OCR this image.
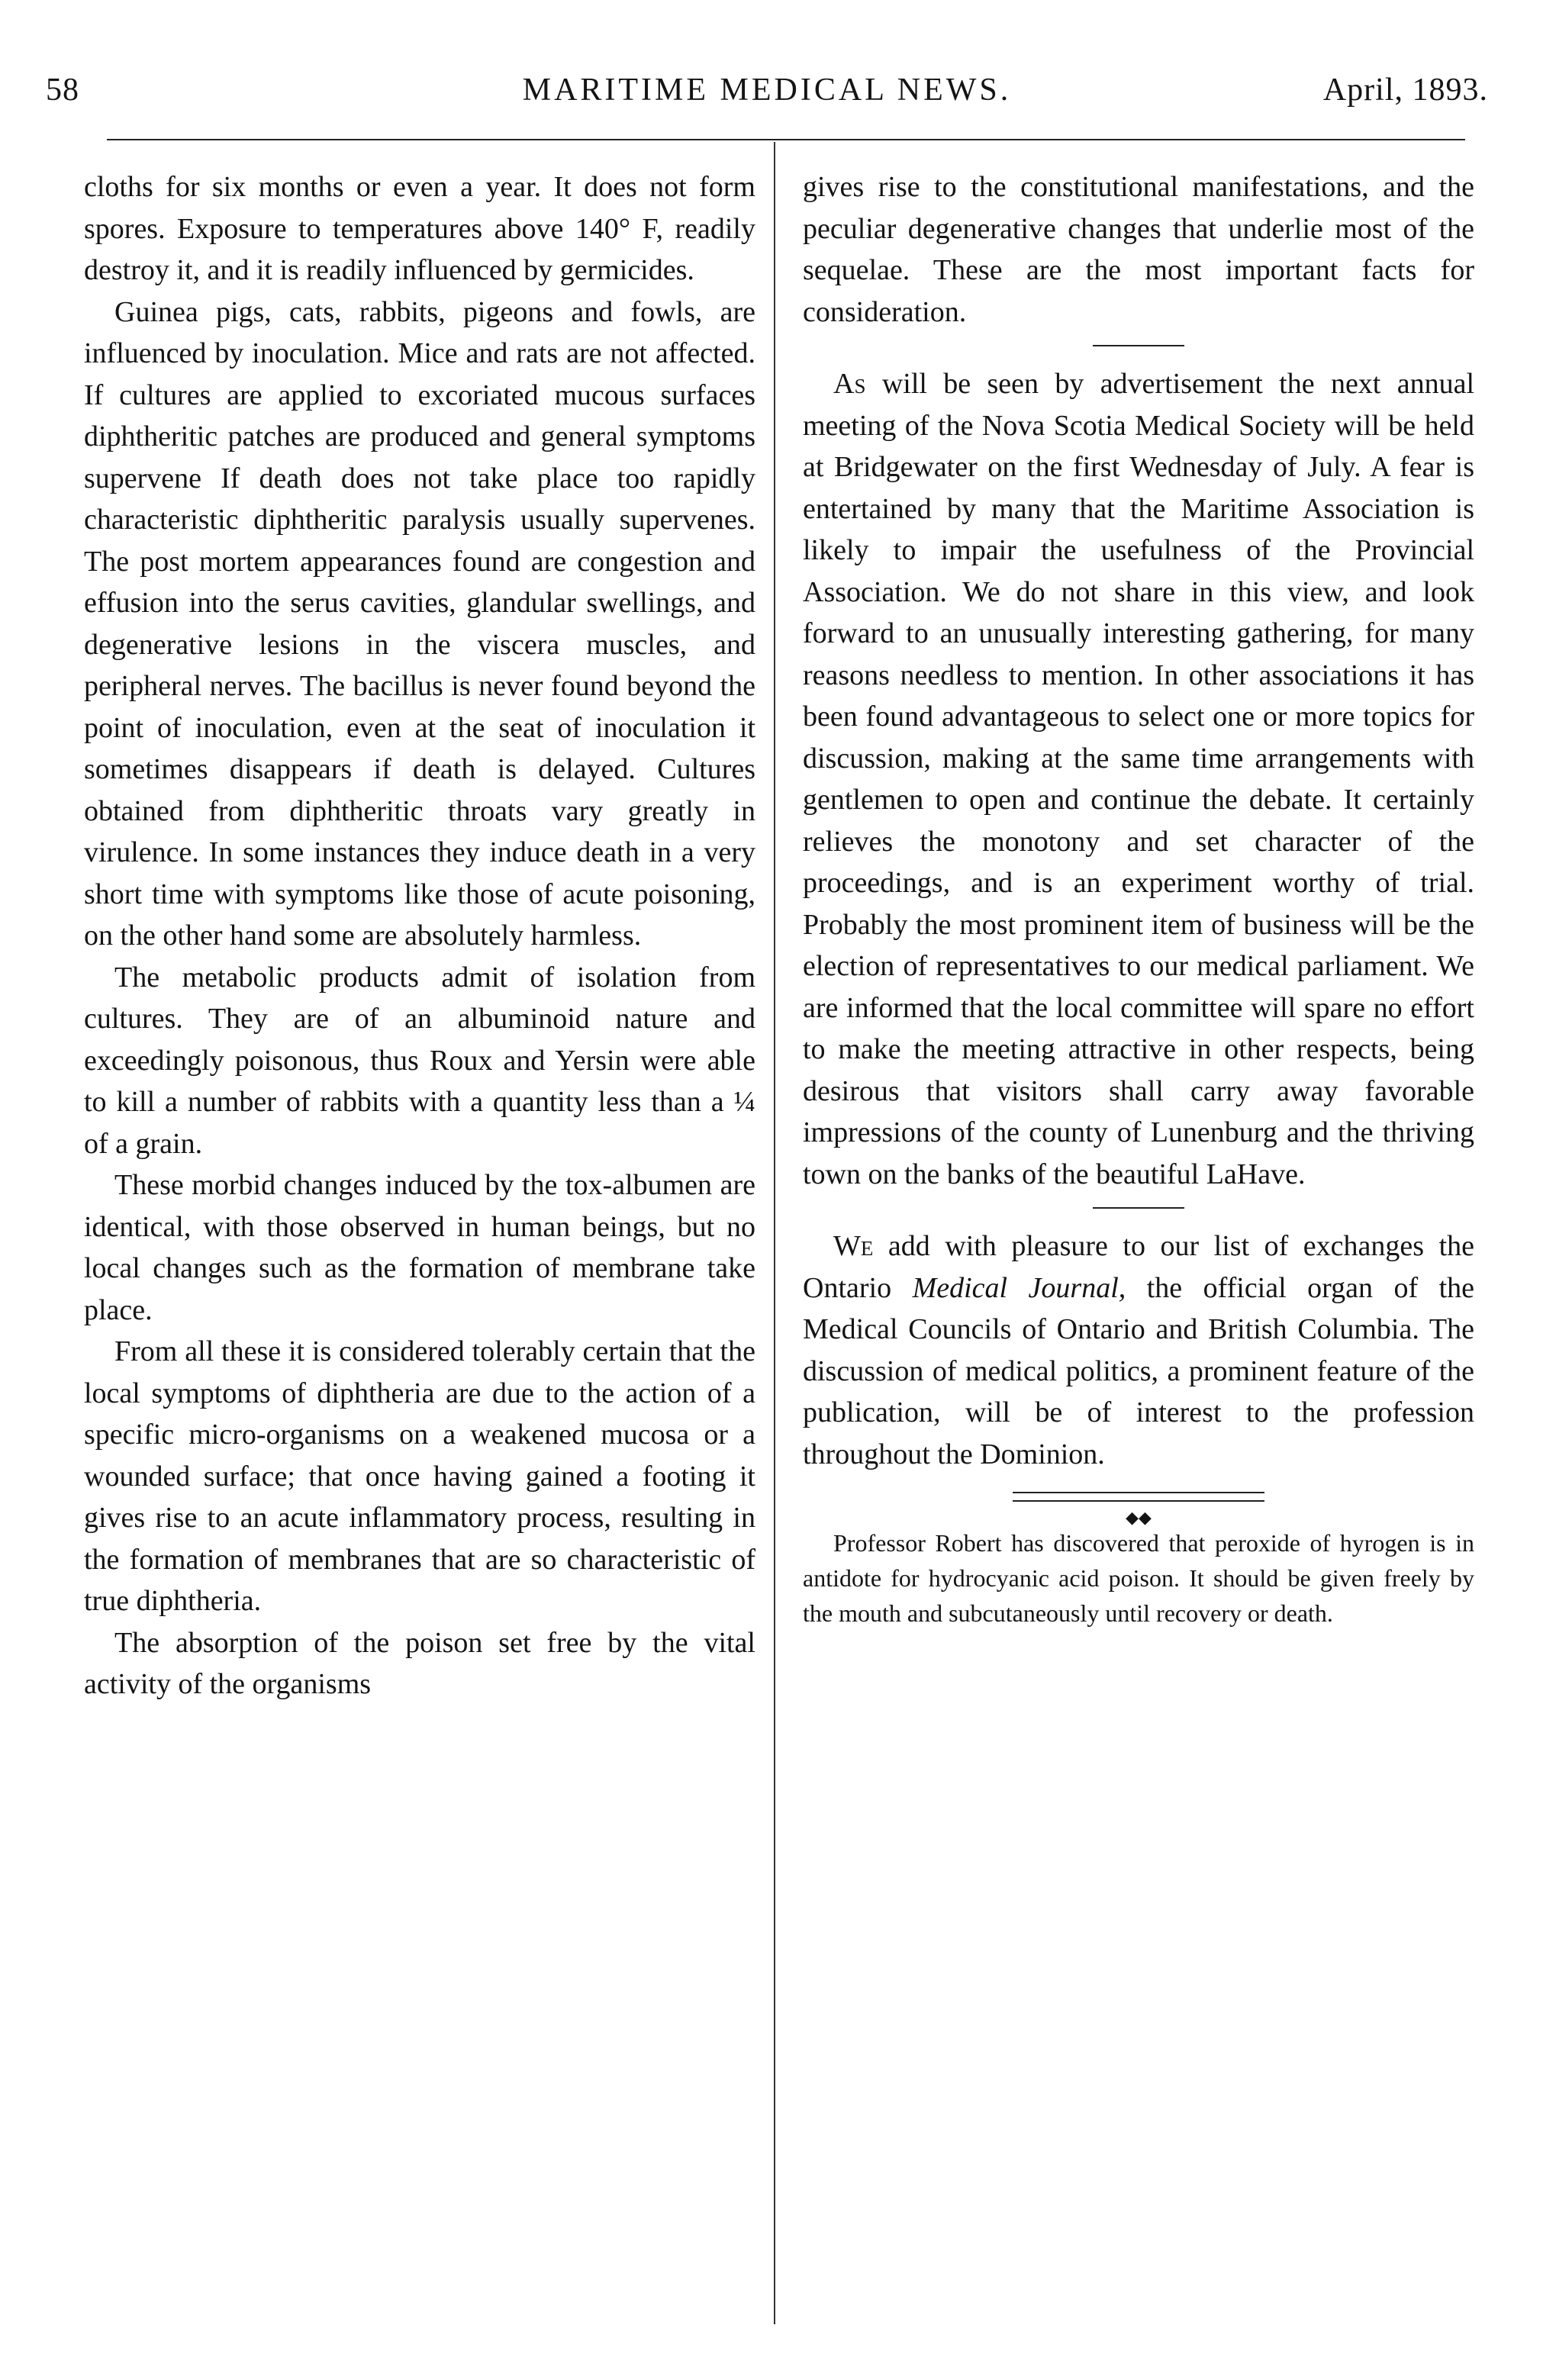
58	MARITIME MEDICAL NEWS.	April, 1893.

cloths for six months or even a year. It does not form spores. Exposure to temperatures above 140° F, readily destroy it, and it is readily influenced by germicides.

Guinea pigs, cats, rabbits, pigeons and fowls, are influenced by inoculation. Mice and rats are not affected. If cultures are applied to excoriated mucous surfaces diphtheritic patches are produced and general symptoms supervene If death does not take place too rapidly characteristic diphtheritic paralysis usually supervenes. The post mortem appearances found are congestion and effusion into the serus cavities, glandular swellings, and degenerative lesions in the viscera muscles, and peripheral nerves. The bacillus is never found beyond the point of inoculation, even at the seat of inoculation it sometimes disappears if death is delayed. Cultures obtained from diphtheritic throats vary greatly in virulence. In some instances they induce death in a very short time with symptoms like those of acute poisoning, on the other hand some are absolutely harmless.

The metabolic products admit of isolation from cultures. They are of an albuminoid nature and exceedingly poisonous, thus Roux and Yersin were able to kill a number of rabbits with a quantity less than a ¼ of a grain.

These morbid changes induced by the tox-albumen are identical, with those observed in human beings, but no local changes such as the formation of membrane take place.

From all these it is considered tolerably certain that the local symptoms of diphtheria are due to the action of a specific micro-organisms on a weakened mucosa or a wounded surface; that once having gained a footing it gives rise to an acute inflammatory process, resulting in the formation of membranes that are so characteristic of true diphtheria.

The absorption of the poison set free by the vital activity of the organisms

gives rise to the constitutional manifestations, and the peculiar degenerative changes that underlie most of the sequelae. These are the most important facts for consideration.

As will be seen by advertisement the next annual meeting of the Nova Scotia Medical Society will be held at Bridgewater on the first Wednesday of July. A fear is entertained by many that the Maritime Association is likely to impair the usefulness of the Provincial Association. We do not share in this view, and look forward to an unusually interesting gathering, for many reasons needless to mention. In other associations it has been found advantageous to select one or more topics for discussion, making at the same time arrangements with gentlemen to open and continue the debate. It certainly relieves the monotony and set character of the proceedings, and is an experiment worthy of trial. Probably the most prominent item of business will be the election of representatives to our medical parliament. We are informed that the local committee will spare no effort to make the meeting attractive in other respects, being desirous that visitors shall carry away favorable impressions of the county of Lunenburg and the thriving town on the banks of the beautiful LaHave.

We add with pleasure to our list of exchanges the Ontario Medical Journal, the official organ of the Medical Councils of Ontario and British Columbia. The discussion of medical politics, a prominent feature of the publication, will be of interest to the profession throughout the Dominion.

◆◆

Professor Robert has discovered that peroxide of hyrogen is in antidote for hydrocyanic acid poison. It should be given freely by the mouth and subcutaneously until recovery or death.
